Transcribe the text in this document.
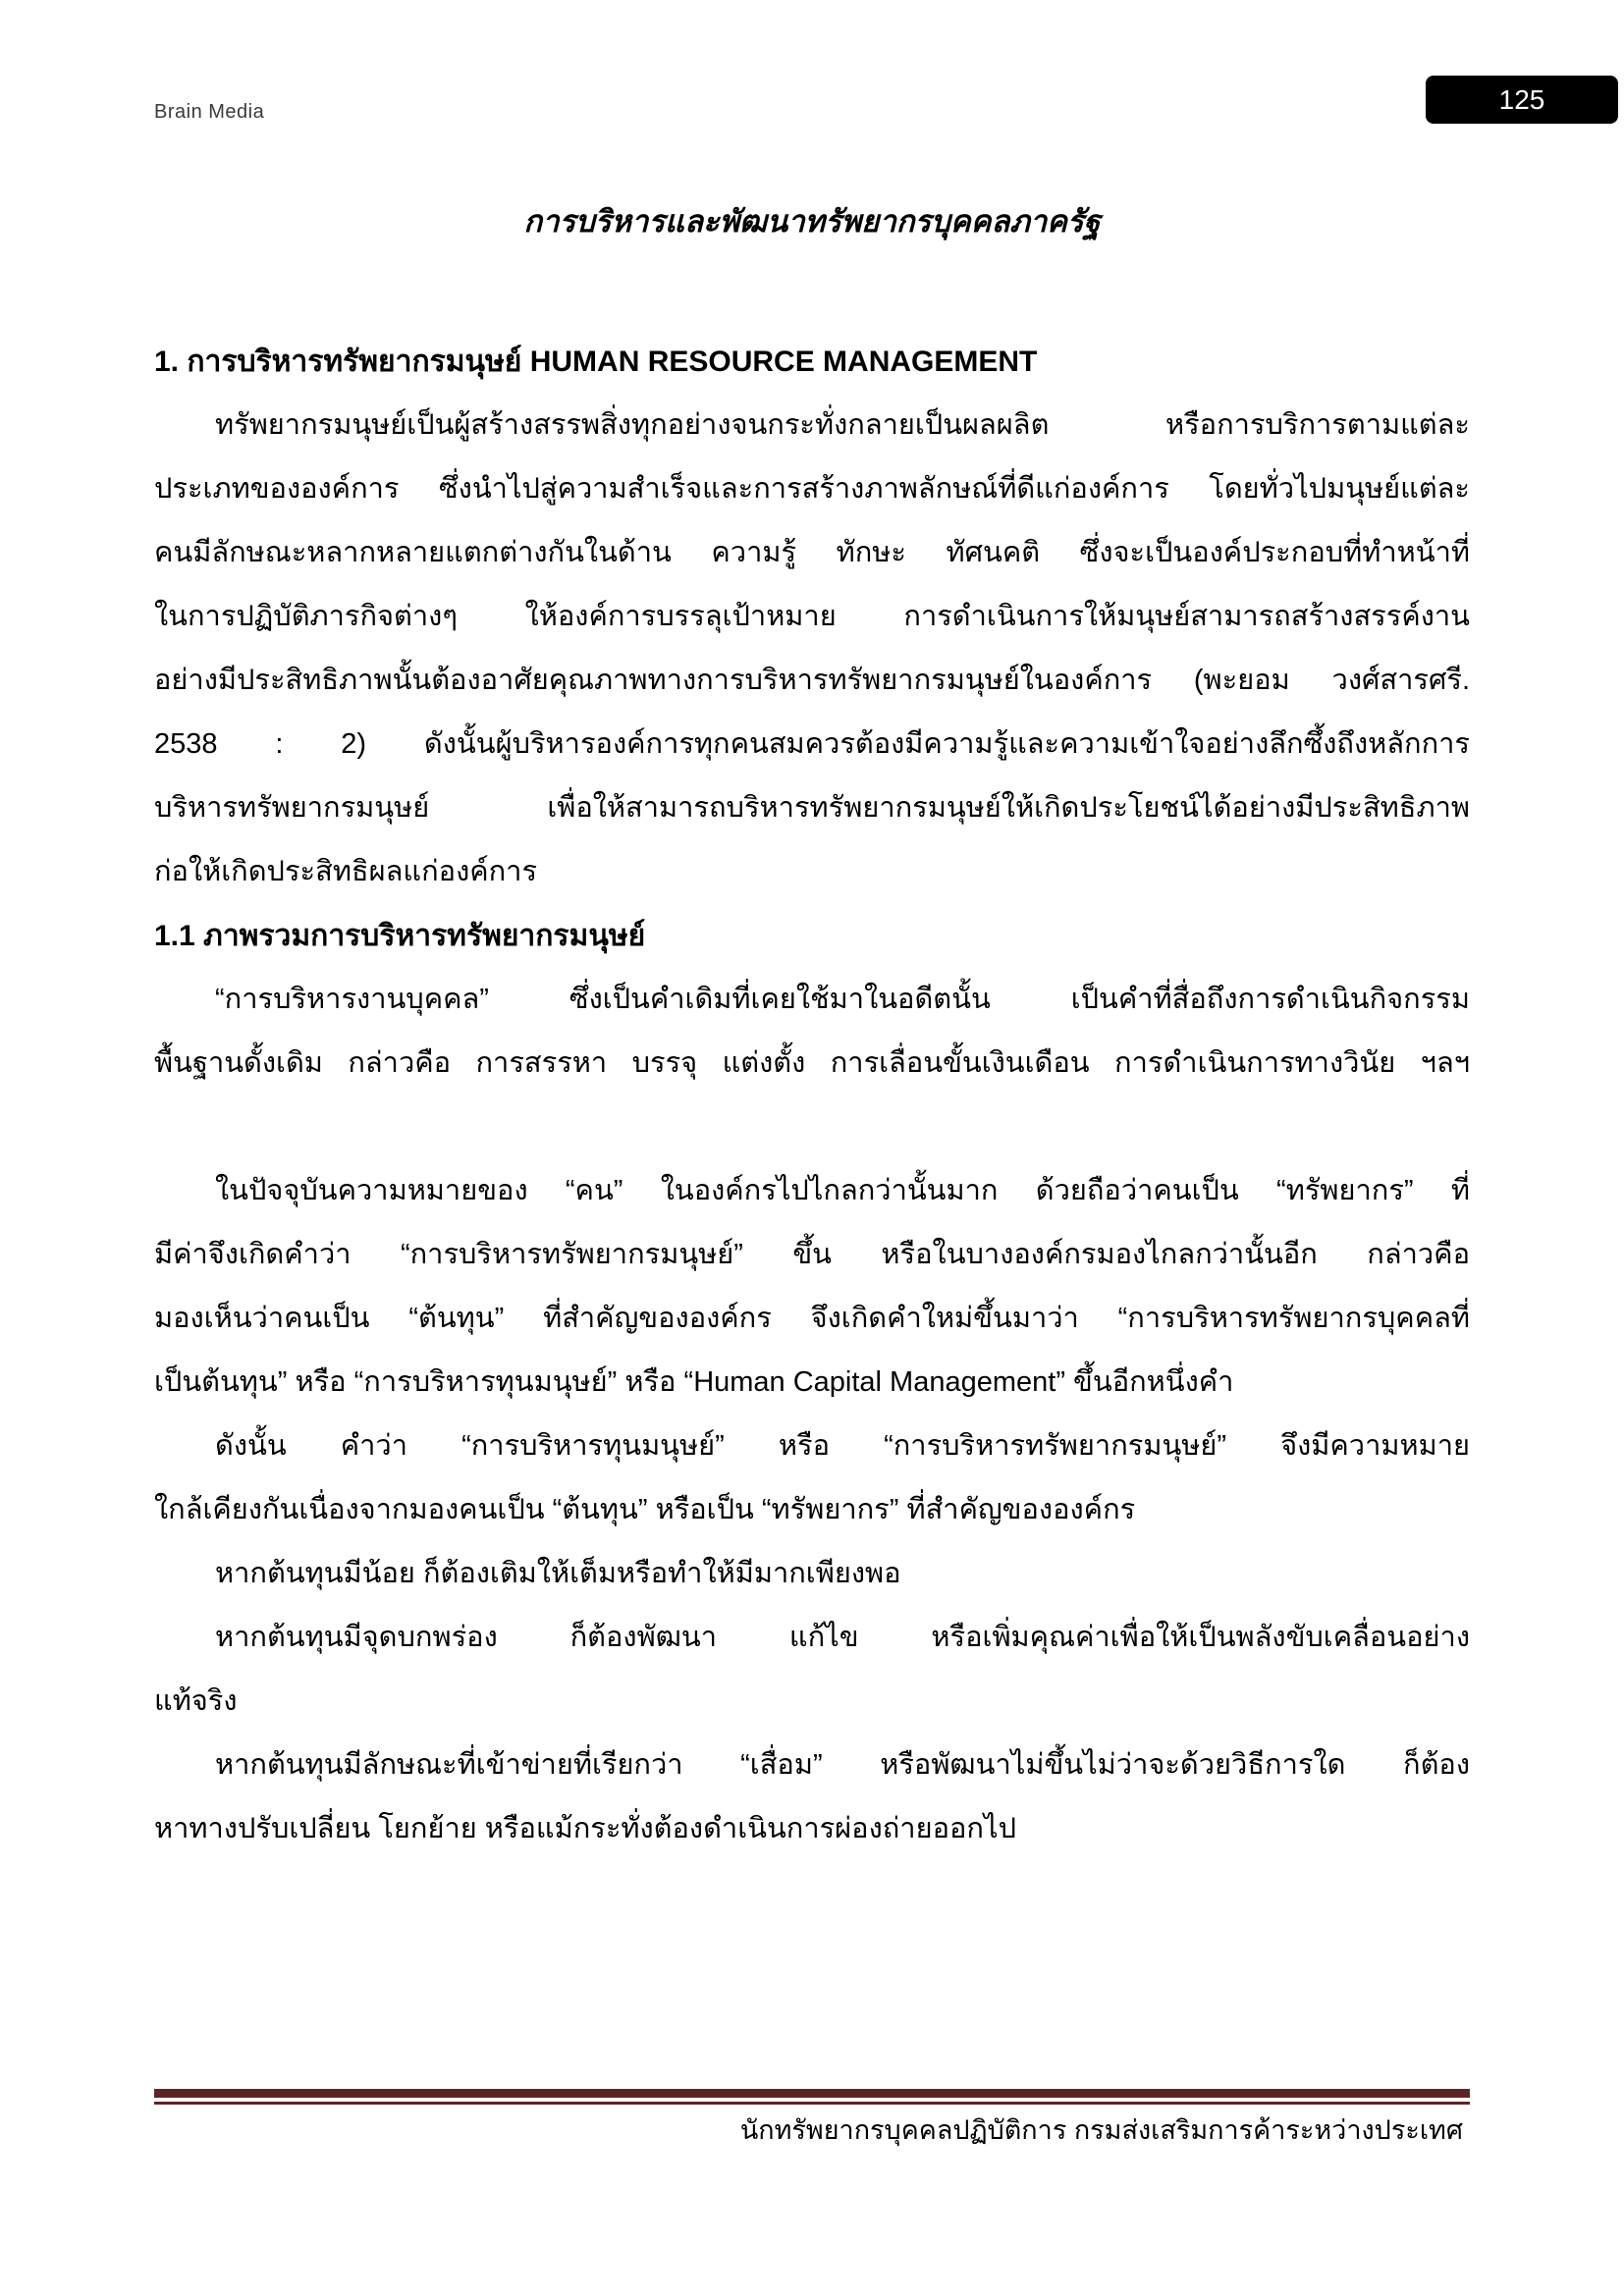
Brain Media	125
การบริหารและพัฒนาทรัพยากรบุคคลภาครัฐ
1. การบริหารทรัพยากรมนุษย์ HUMAN RESOURCE MANAGEMENT
ทรัพยากรมนุษย์เป็นผู้สร้างสรรพสิ่งทุกอย่างจนกระทั่งกลายเป็นผลผลิต หรือการบริการตามแต่ละ
ประเภทขององค์การ ซึ่งนำไปสู่ความสำเร็จและการสร้างภาพลักษณ์ที่ดีแก่องค์การ โดยทั่วไปมนุษย์แต่ละ
คนมีลักษณะหลากหลายแตกต่างกันในด้าน ความรู้ ทักษะ ทัศนคติ ซึ่งจะเป็นองค์ประกอบที่ทำหน้าที่
ในการปฏิบัติภารกิจต่างๆ ให้องค์การบรรลุเป้าหมาย การดำเนินการให้มนุษย์สามารถสร้างสรรค์งาน
อย่างมีประสิทธิภาพนั้นต้องอาศัยคุณภาพทางการบริหารทรัพยากรมนุษย์ในองค์การ (พะยอม วงศ์สารศรี.
2538 : 2) ดังนั้นผู้บริหารองค์การทุกคนสมควรต้องมีความรู้และความเข้าใจอย่างลึกซึ้งถึงหลักการ
บริหารทรัพยากรมนุษย์ เพื่อให้สามารถบริหารทรัพยากรมนุษย์ให้เกิดประโยชน์ได้อย่างมีประสิทธิภาพ
ก่อให้เกิดประสิทธิผลแก่องค์การ
1.1 ภาพรวมการบริหารทรัพยากรมนุษย์
“การบริหารงานบุคคล” ซึ่งเป็นคำเดิมที่เคยใช้มาในอดีตนั้น เป็นคำที่สื่อถึงการดำเนินกิจกรรม
พื้นฐานดั้งเดิม กล่าวคือ การสรรหา บรรจุ แต่งตั้ง การเลื่อนขั้นเงินเดือน การดำเนินการทางวินัย ฯลฯ
ในปัจจุบันความหมายของ “คน” ในองค์กรไปไกลกว่านั้นมาก ด้วยถือว่าคนเป็น “ทรัพยากร” ที่
มีค่าจึงเกิดคำว่า “การบริหารทรัพยากรมนุษย์” ขึ้น หรือในบางองค์กรมองไกลกว่านั้นอีก กล่าวคือ
มองเห็นว่าคนเป็น “ต้นทุน” ที่สำคัญขององค์กร จึงเกิดคำใหม่ขึ้นมาว่า “การบริหารทรัพยากรบุคคลที่
เป็นต้นทุน” หรือ “การบริหารทุนมนุษย์” หรือ “Human Capital Management” ขึ้นอีกหนึ่งคำ
ดังนั้น คำว่า “การบริหารทุนมนุษย์” หรือ “การบริหารทรัพยากรมนุษย์” จึงมีความหมาย
ใกล้เคียงกันเนื่องจากมองคนเป็น “ต้นทุน” หรือเป็น “ทรัพยากร” ที่สำคัญขององค์กร
หากต้นทุนมีน้อย ก็ต้องเติมให้เต็มหรือทำให้มีมากเพียงพอ
หากต้นทุนมีจุดบกพร่อง ก็ต้องพัฒนา แก้ไข หรือเพิ่มคุณค่าเพื่อให้เป็นพลังขับเคลื่อนอย่าง
แท้จริง
หากต้นทุนมีลักษณะที่เข้าข่ายที่เรียกว่า “เสื่อม” หรือพัฒนาไม่ขึ้นไม่ว่าจะด้วยวิธีการใด ก็ต้อง
หาทางปรับเปลี่ยน โยกย้าย หรือแม้กระทั่งต้องดำเนินการผ่องถ่ายออกไป
นักทรัพยากรบุคคลปฏิบัติการ กรมส่งเสริมการค้าระหว่างประเทศ
